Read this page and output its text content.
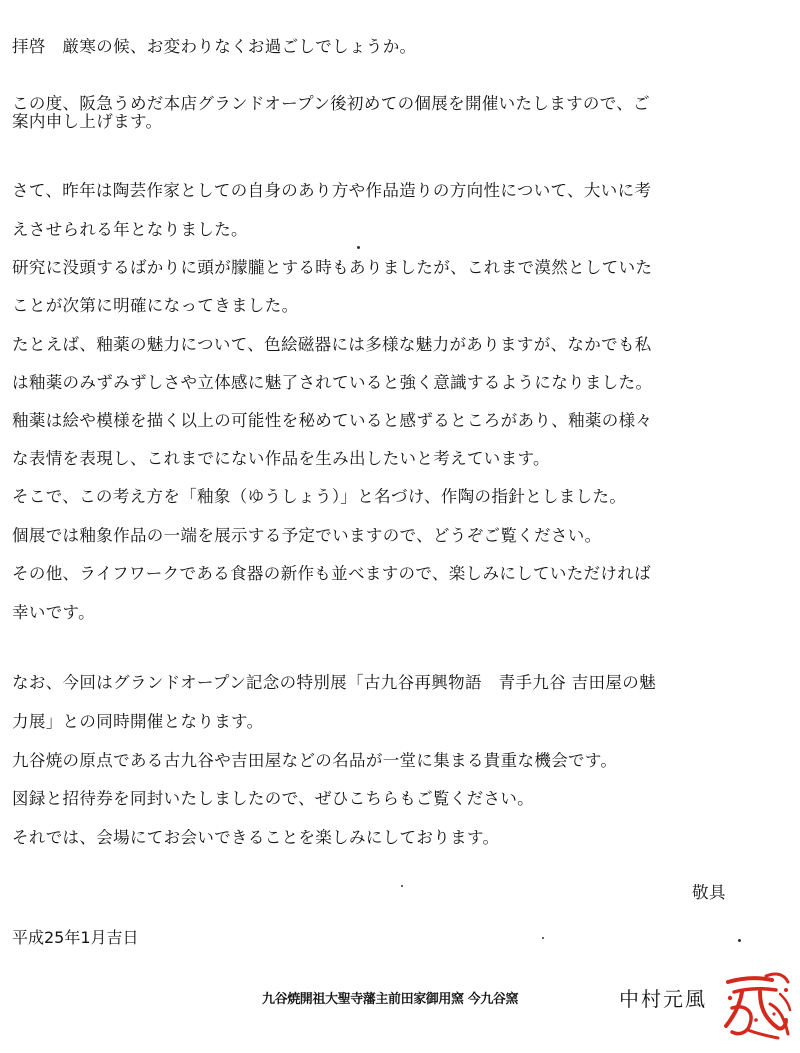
拝啓　厳寒の候、お変わりなくお過ごしでしょうか。
この度、阪急うめだ本店グランドオープン後初めての個展を開催いたしますので、ご
案内申し上げます。
さて、昨年は陶芸作家としての自身のあり方や作品造りの方向性について、大いに考
えさせられる年となりました。
研究に没頭するばかりに頭が朦朧とする時もありましたが、これまで漠然としていた
ことが次第に明確になってきました。
たとえば、釉薬の魅力について、色絵磁器には多様な魅力がありますが、なかでも私
は釉薬のみずみずしさや立体感に魅了されていると強く意識するようになりました。
釉薬は絵や模様を描く以上の可能性を秘めていると感ずるところがあり、釉薬の様々
な表情を表現し、これまでにない作品を生み出したいと考えています。
そこで、この考え方を「釉象（ゆうしょう）」と名づけ、作陶の指針としました。
個展では釉象作品の一端を展示する予定でいますので、どうぞご覧ください。
その他、ライフワークである食器の新作も並べますので、楽しみにしていただければ
幸いです。
なお、今回はグランドオープン記念の特別展「古九谷再興物語　青手九谷 吉田屋の魅
力展」との同時開催となります。
九谷焼の原点である古九谷や吉田屋などの名品が一堂に集まる貴重な機会です。
図録と招待券を同封いたしましたので、ぜひこちらもご覧ください。
それでは、会場にてお会いできることを楽しみにしております。
敬具
平成25年1月吉日
九谷焼開祖大聖寺藩主前田家御用窯 今九谷窯	中村元風
